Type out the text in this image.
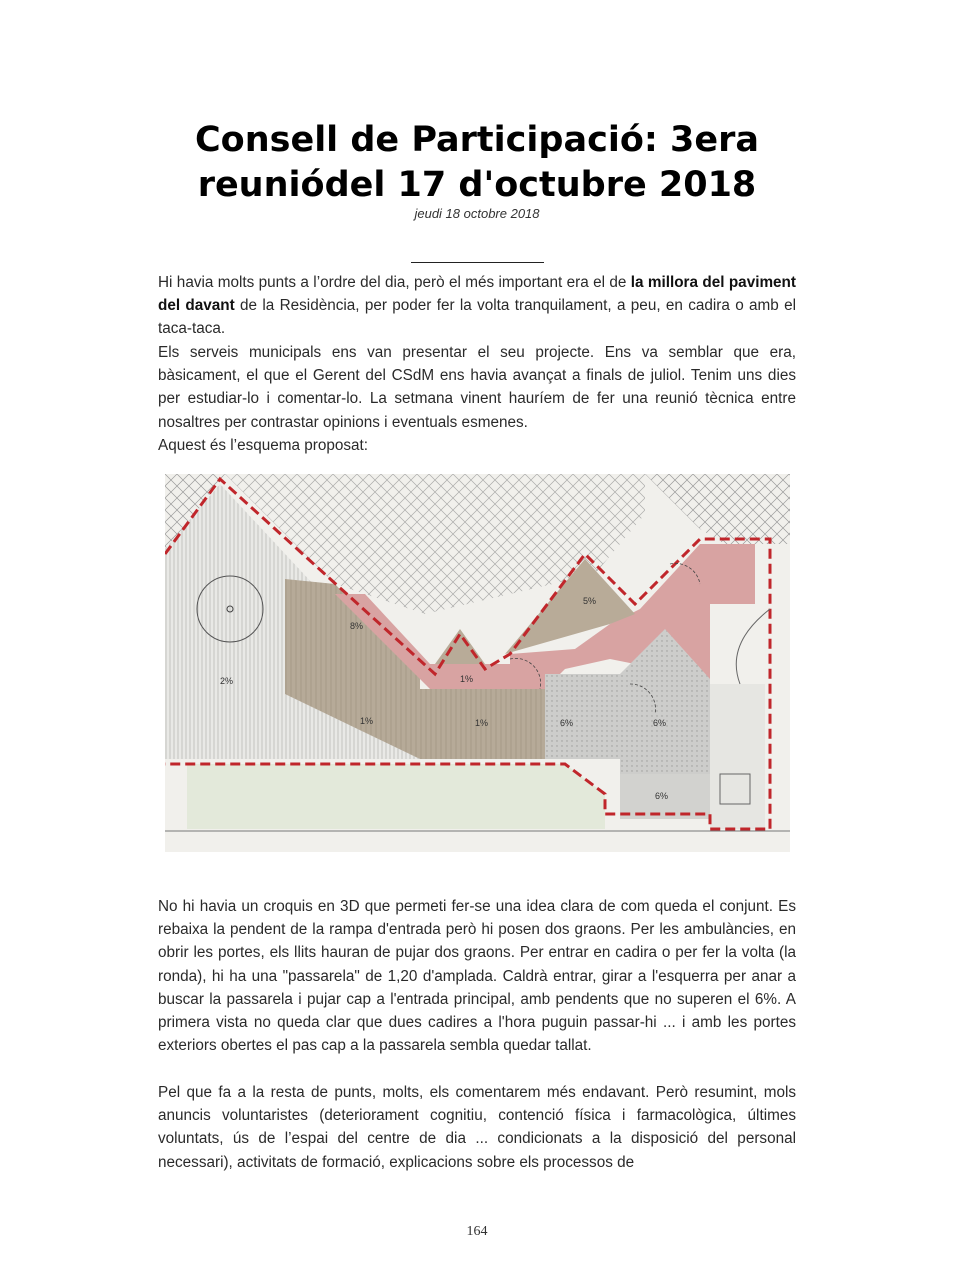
Consell de Participació: 3era reuniódel 17 d'octubre 2018
jeudi 18 octobre 2018

Hi havia molts punts a l’ordre del dia, però el més important era el de la millora del paviment del davant de la Residència, per poder fer la volta tranquilament, a peu, en cadira o amb el taca-taca.

Els serveis municipals ens van presentar el seu projecte. Ens va semblar que era, bàsicament, el que el Gerent del CSdM ens havia avançat a finals de juliol. Tenim uns dies per estudiar-lo i comentar-lo. La setmana vinent hauríem de fer una reunió tècnica entre nosaltres per contrastar opinions i eventuals esmenes.

Aquest és l’esquema proposat:

2%
8%
1%	1%	6%	6%
5%
1%
6%

No hi havia un croquis en 3D que permeti fer-se una idea clara de com queda el conjunt. Es rebaixa la pendent de la rampa d'entrada però hi posen dos graons. Per les ambulàncies, en obrir les portes, els llits hauran de pujar dos graons. Per entrar en cadira o per fer la volta (la ronda), hi ha una "passarela" de 1,20 d'amplada. Caldrà entrar, girar a l'esquerra per anar a buscar la passarela i pujar cap a l'entrada principal, amb pendents que no superen el 6%. A primera vista no queda clar que dues cadires a l'hora puguin passar-hi ... i amb les portes exteriors obertes el pas cap a la passarela sembla quedar tallat.

Pel que fa a la resta de punts, molts, els comentarem més endavant. Però resumint, mols anuncis voluntaristes (deteriorament cognitiu, contenció física i farmacològica, últimes voluntats, ús de l’espai del centre de dia ... condicionats a la disposició del personal necessari), activitats de formació, explicacions sobre els processos de

164
